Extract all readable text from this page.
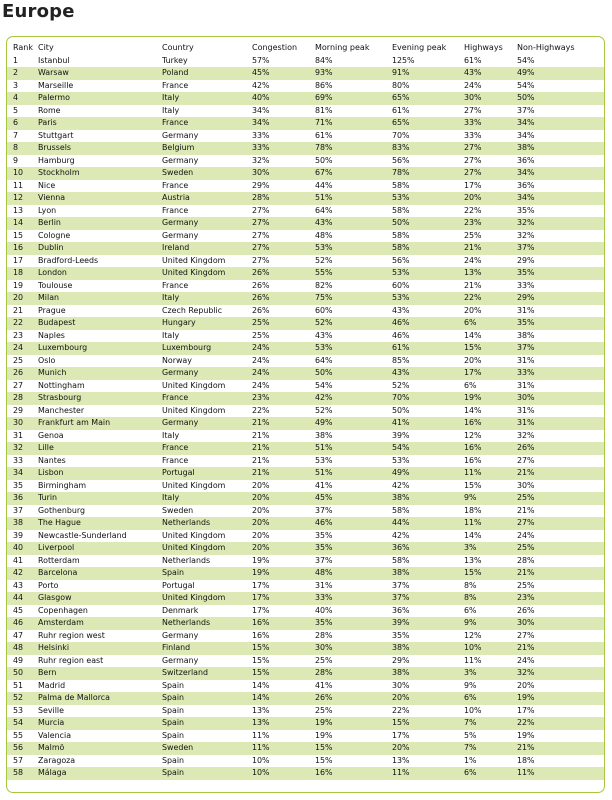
Europe
Rank	City	Country	Congestion	Morning peak	Evening peak	Highways	Non-Highways
1	Istanbul	Turkey	57%	84%	125%	61%	54%
2	Warsaw	Poland	45%	93%	91%	43%	49%
3	Marseille	France	42%	86%	80%	24%	54%
4	Palermo	Italy	40%	69%	65%	30%	50%
5	Rome	Italy	34%	81%	61%	27%	37%
6	Paris	France	34%	71%	65%	33%	34%
7	Stuttgart	Germany	33%	61%	70%	33%	34%
8	Brussels	Belgium	33%	78%	83%	27%	38%
9	Hamburg	Germany	32%	50%	56%	27%	36%
10	Stockholm	Sweden	30%	67%	78%	27%	34%
11	Nice	France	29%	44%	58%	17%	36%
12	Vienna	Austria	28%	51%	53%	20%	34%
13	Lyon	France	27%	64%	58%	22%	35%
14	Berlin	Germany	27%	43%	50%	23%	32%
15	Cologne	Germany	27%	48%	58%	25%	32%
16	Dublin	Ireland	27%	53%	58%	21%	37%
17	Bradford-Leeds	United Kingdom	27%	52%	56%	24%	29%
18	London	United Kingdom	26%	55%	53%	13%	35%
19	Toulouse	France	26%	82%	60%	21%	33%
20	Milan	Italy	26%	75%	53%	22%	29%
21	Prague	Czech Republic	26%	60%	43%	20%	31%
22	Budapest	Hungary	25%	52%	46%	6%	35%
23	Naples	Italy	25%	43%	46%	14%	38%
24	Luxembourg	Luxembourg	24%	53%	61%	15%	37%
25	Oslo	Norway	24%	64%	85%	20%	31%
26	Munich	Germany	24%	50%	43%	17%	33%
27	Nottingham	United Kingdom	24%	54%	52%	6%	31%
28	Strasbourg	France	23%	42%	70%	19%	30%
29	Manchester	United Kingdom	22%	52%	50%	14%	31%
30	Frankfurt am Main	Germany	21%	49%	41%	16%	31%
31	Genoa	Italy	21%	38%	39%	12%	32%
32	Lille	France	21%	51%	54%	16%	26%
33	Nantes	France	21%	53%	53%	16%	27%
34	Lisbon	Portugal	21%	51%	49%	11%	21%
35	Birmingham	United Kingdom	20%	41%	42%	15%	30%
36	Turin	Italy	20%	45%	38%	9%	25%
37	Gothenburg	Sweden	20%	37%	58%	18%	21%
38	The Hague	Netherlands	20%	46%	44%	11%	27%
39	Newcastle-Sunderland	United Kingdom	20%	35%	42%	14%	24%
40	Liverpool	United Kingdom	20%	35%	36%	3%	25%
41	Rotterdam	Netherlands	19%	37%	58%	13%	28%
42	Barcelona	Spain	19%	48%	38%	15%	21%
43	Porto	Portugal	17%	31%	37%	8%	25%
44	Glasgow	United Kingdom	17%	33%	37%	8%	23%
45	Copenhagen	Denmark	17%	40%	36%	6%	26%
46	Amsterdam	Netherlands	16%	35%	39%	9%	30%
47	Ruhr region west	Germany	16%	28%	35%	12%	27%
48	Helsinki	Finland	15%	30%	38%	10%	21%
49	Ruhr region east	Germany	15%	25%	29%	11%	24%
50	Bern	Switzerland	15%	28%	38%	3%	32%
51	Madrid	Spain	14%	41%	30%	9%	20%
52	Palma de Mallorca	Spain	14%	26%	20%	6%	19%
53	Seville	Spain	13%	25%	22%	10%	17%
54	Murcia	Spain	13%	19%	15%	7%	22%
55	Valencia	Spain	11%	19%	17%	5%	19%
56	Malmö	Sweden	11%	15%	20%	7%	21%
57	Zaragoza	Spain	10%	15%	13%	1%	18%
58	Málaga	Spain	10%	16%	11%	6%	11%
